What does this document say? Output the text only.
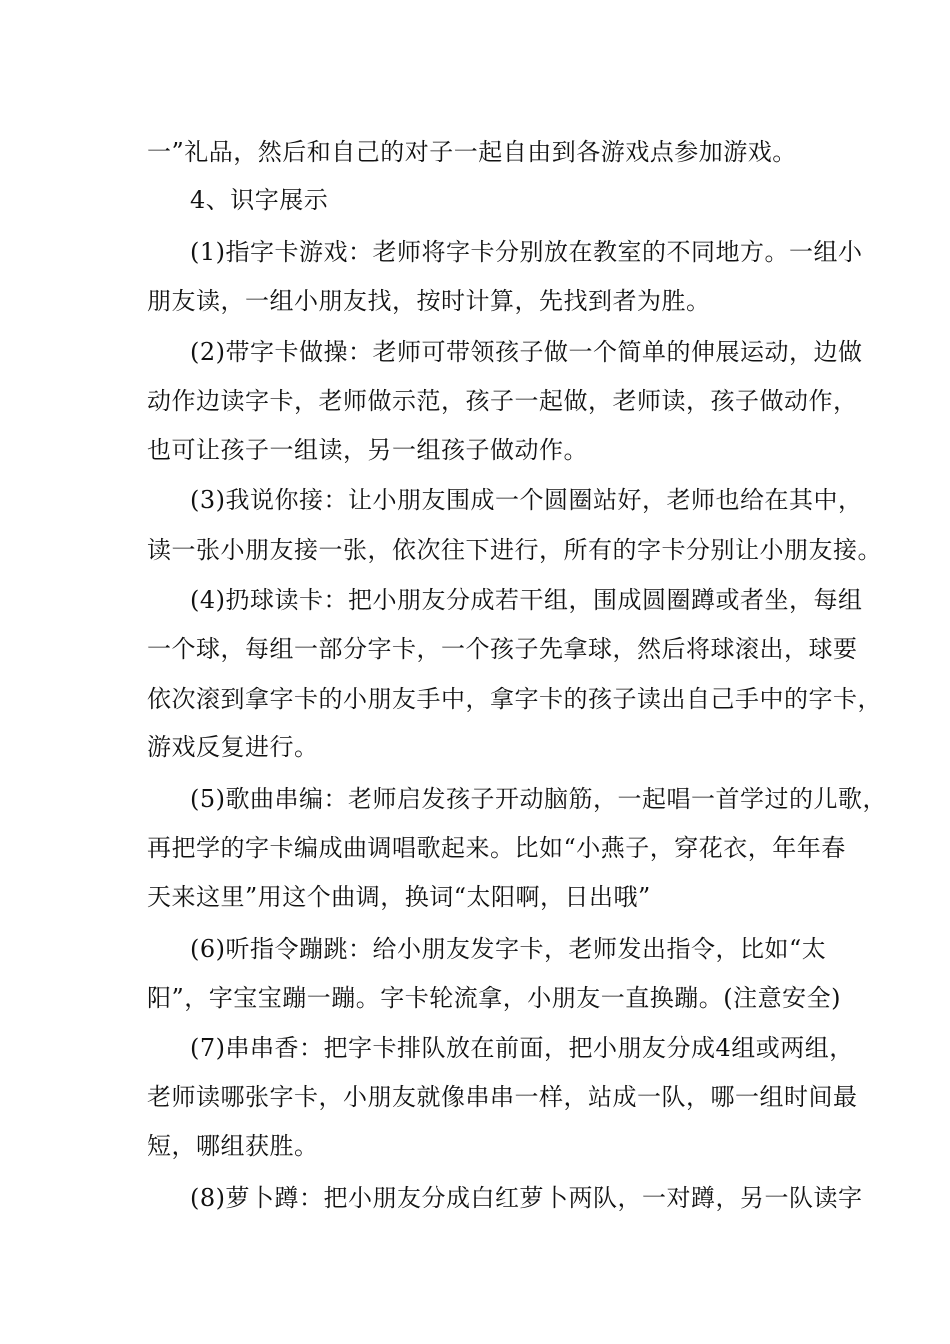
一”礼品，然后和自己的对子一起自由到各游戏点参加游戏。
4、识字展示
(1)指字卡游戏：老师将字卡分别放在教室的不同地方。一组小
朋友读，一组小朋友找，按时计算，先找到者为胜。
(2)带字卡做操：老师可带领孩子做一个简单的伸展运动，边做
动作边读字卡，老师做示范，孩子一起做，老师读，孩子做动作，
也可让孩子一组读，另一组孩子做动作。
(3)我说你接：让小朋友围成一个圆圈站好，老师也给在其中，
读一张小朋友接一张，依次往下进行，所有的字卡分别让小朋友接。
(4)扔球读卡：把小朋友分成若干组，围成圆圈蹲或者坐，每组
一个球，每组一部分字卡，一个孩子先拿球，然后将球滚出，球要
依次滚到拿字卡的小朋友手中，拿字卡的孩子读出自己手中的字卡，
游戏反复进行。
(5)歌曲串编：老师启发孩子开动脑筋，一起唱一首学过的儿歌，
再把学的字卡编成曲调唱歌起来。比如“小燕子，穿花衣，年年春
天来这里”用这个曲调，换词“太阳啊，日出哦”
(6)听指令蹦跳：给小朋友发字卡，老师发出指令，比如“太
阳”，字宝宝蹦一蹦。字卡轮流拿，小朋友一直换蹦。(注意安全)
(7)串串香：把字卡排队放在前面，把小朋友分成4组或两组，
老师读哪张字卡，小朋友就像串串一样，站成一队，哪一组时间最
短，哪组获胜。
(8)萝卜蹲：把小朋友分成白红萝卜两队，一对蹲，另一队读字
